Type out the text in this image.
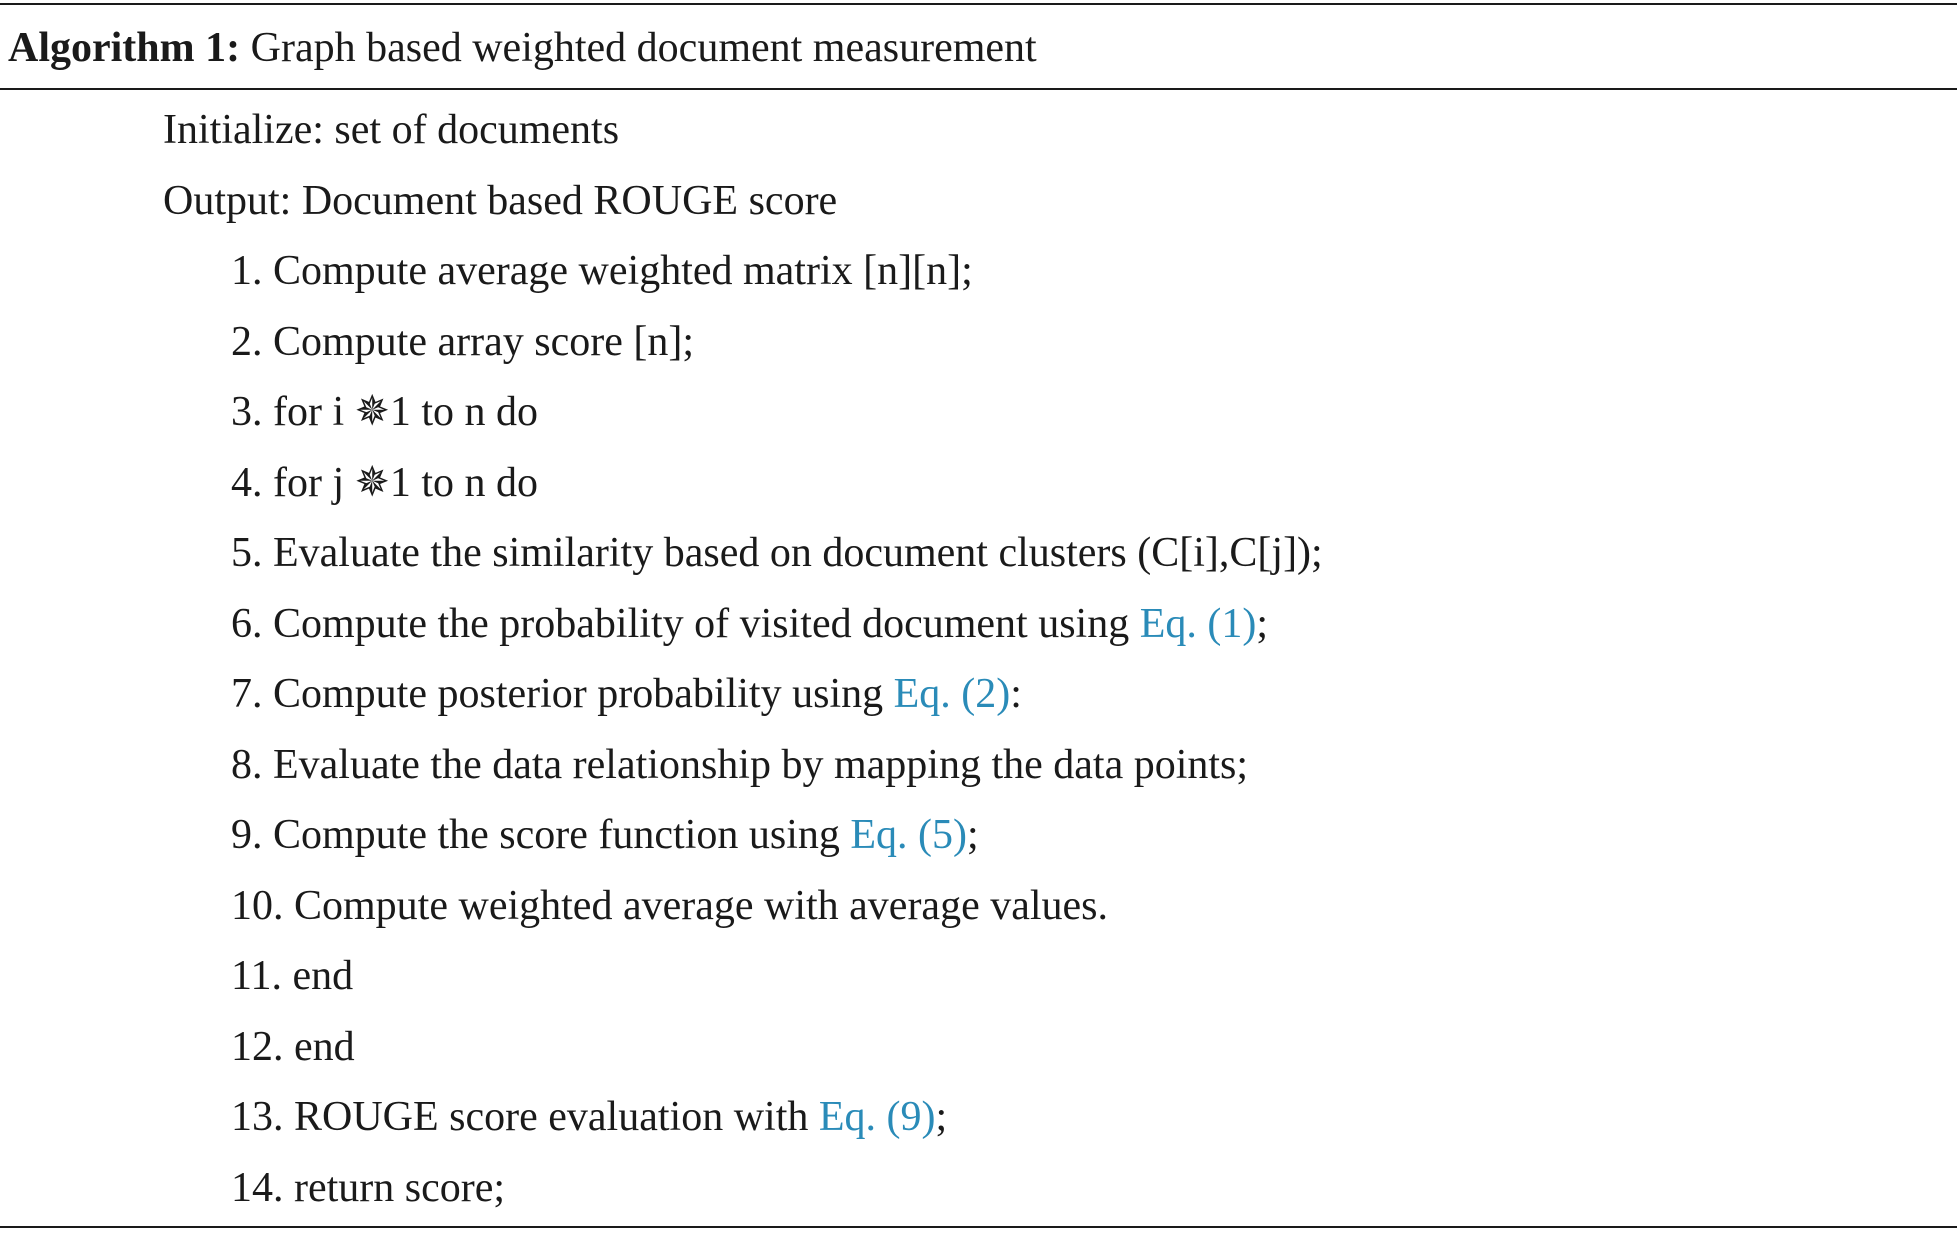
Algorithm 1: Graph based weighted document measurement
Initialize: set of documents
Output: Document based ROUGE score
1. Compute average weighted matrix [n][n];
2. Compute array score [n];
3. for i ✵1 to n do
4. for j ✵1 to n do
5. Evaluate the similarity based on document clusters (C[i],C[j]);
6. Compute the probability of visited document using Eq. (1);
7. Compute posterior probability using Eq. (2):
8. Evaluate the data relationship by mapping the data points;
9. Compute the score function using Eq. (5);
10. Compute weighted average with average values.
11. end
12. end
13. ROUGE score evaluation with Eq. (9);
14. return score;
